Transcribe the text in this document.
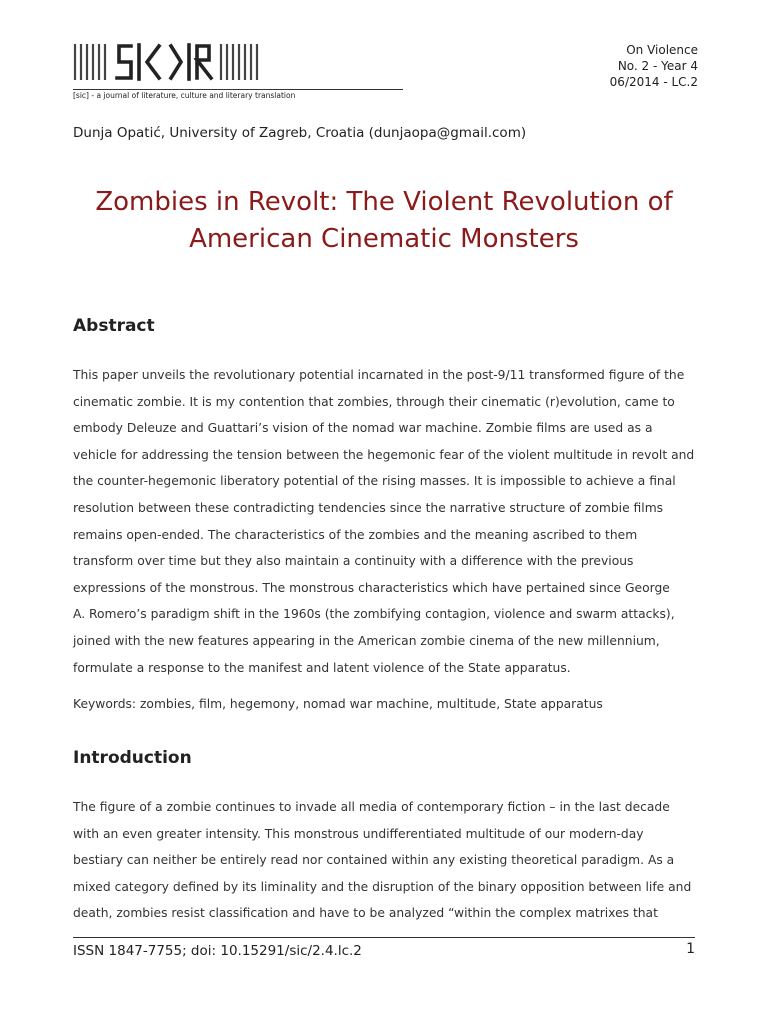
[sic] - a journal of literature, culture and literary translation
On Violence
No. 2 - Year 4
06/2014 - LC.2
Dunja Opatić, University of Zagreb, Croatia (dunjaopa@gmail.com)
Zombies in Revolt: The Violent Revolution of
American Cinematic Monsters
Abstract

This paper unveils the revolutionary potential incarnated in the post-9/11 transformed figure of the
cinematic zombie. It is my contention that zombies, through their cinematic (r)evolution, came to
embody Deleuze and Guattari’s vision of the nomad war machine. Zombie films are used as a
vehicle for addressing the tension between the hegemonic fear of the violent multitude in revolt and
the counter-hegemonic liberatory potential of the rising masses. It is impossible to achieve a final
resolution between these contradicting tendencies since the narrative structure of zombie films
remains open-ended. The characteristics of the zombies and the meaning ascribed to them
transform over time but they also maintain a continuity with a difference with the previous
expressions of the monstrous. The monstrous characteristics which have pertained since George
A. Romero’s paradigm shift in the 1960s (the zombifying contagion, violence and swarm attacks),
joined with the new features appearing in the American zombie cinema of the new millennium,
formulate a response to the manifest and latent violence of the State apparatus.

Keywords: zombies, film, hegemony, nomad war machine, multitude, State apparatus
Introduction

The figure of a zombie continues to invade all media of contemporary fiction – in the last decade
with an even greater intensity. This monstrous undifferentiated multitude of our modern-day
bestiary can neither be entirely read nor contained within any existing theoretical paradigm. As a
mixed category defined by its liminality and the disruption of the binary opposition between life and
death, zombies resist classification and have to be analyzed “within the complex matrixes that

ISSN 1847-7755; doi: 10.15291/sic/2.4.lc.2	1
